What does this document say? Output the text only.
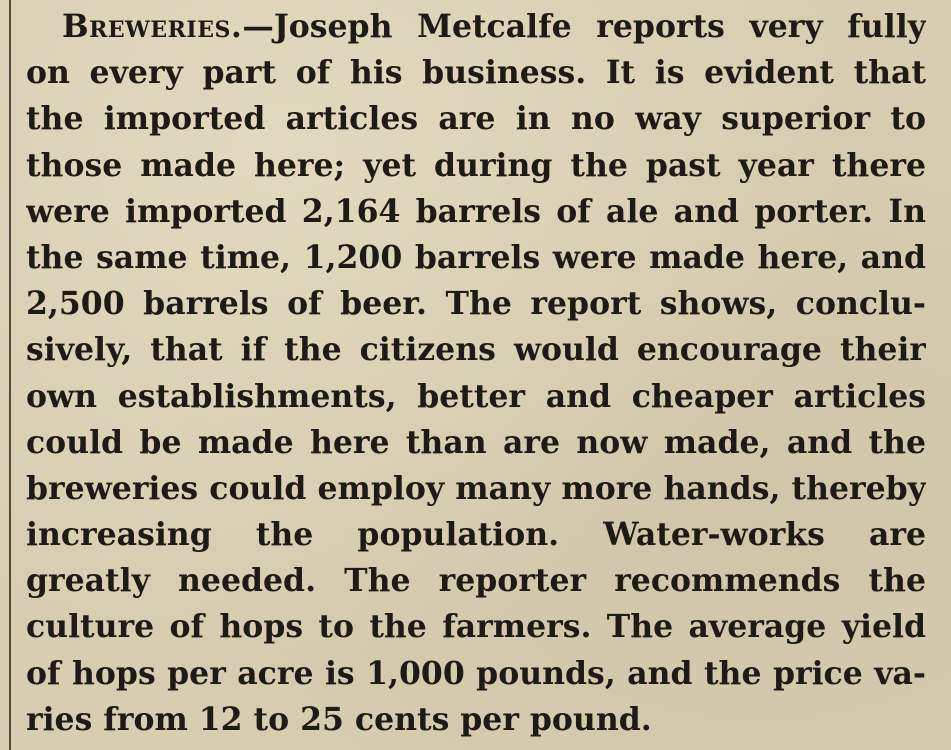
Breweries.—Joseph Metcalfe reports very fully
on every part of his business. It is evident that
the imported articles are in no way superior to
those made here; yet during the past year there
were imported 2,164 barrels of ale and porter. In
the same time, 1,200 barrels were made here, and
2,500 barrels of beer. The report shows, conclu-
sively, that if the citizens would encourage their
own establishments, better and cheaper articles
could be made here than are now made, and the
breweries could employ many more hands, thereby
increasing the population. Water-works are
greatly needed. The reporter recommends the
culture of hops to the farmers. The average yield
of hops per acre is 1,000 pounds, and the price va-
ries from 12 to 25 cents per pound.
